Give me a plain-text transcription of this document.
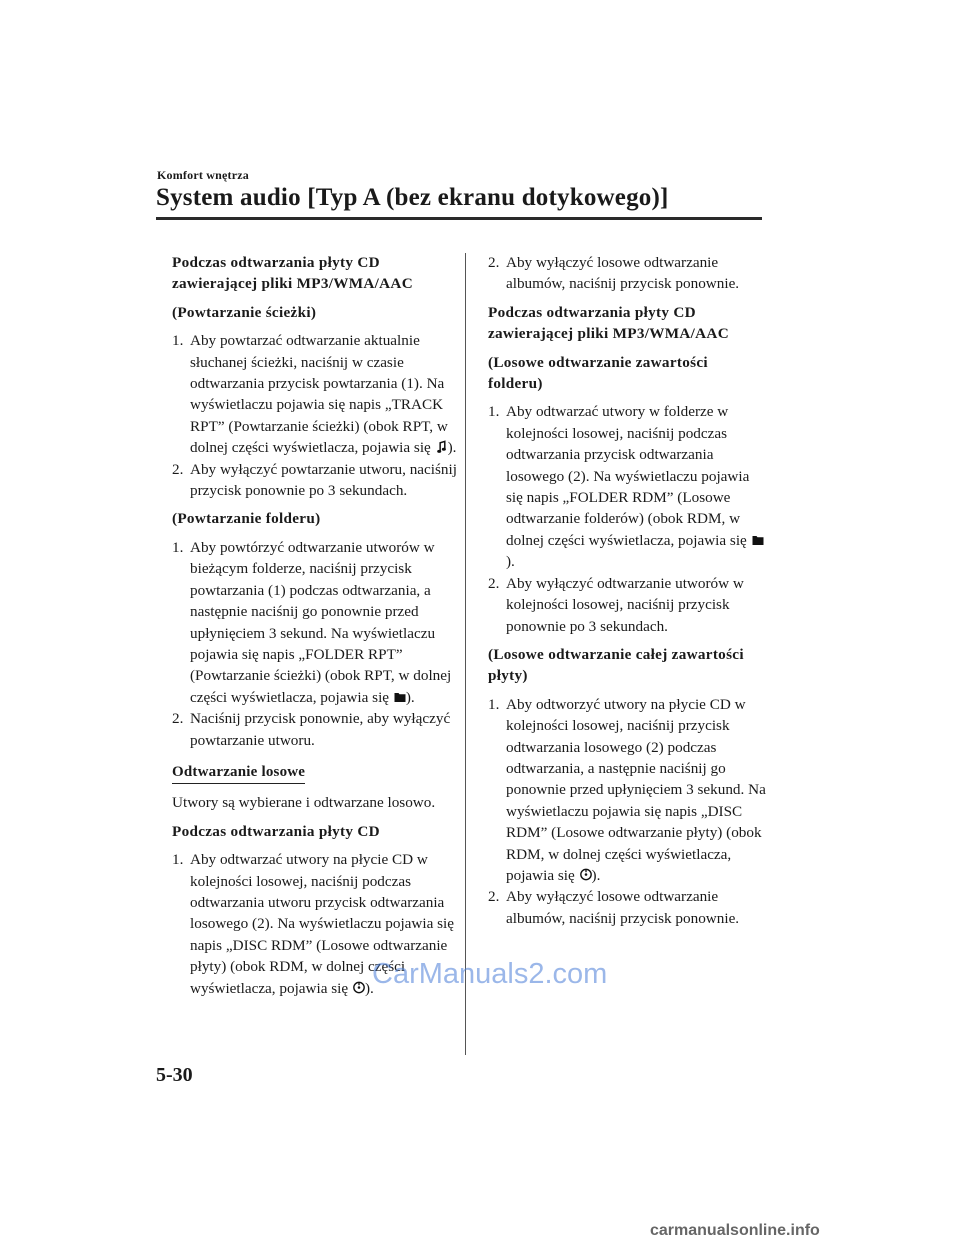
Komfort wnętrza
System audio [Typ A (bez ekranu dotykowego)]

Podczas odtwarzania płyty CD zawierającej pliki MP3/WMA/AAC

(Powtarzanie ścieżki)

1. Aby powtarzać odtwarzanie aktualnie słuchanej ścieżki, naciśnij w czasie odtwarzania przycisk powtarzania (1). Na wyświetlaczu pojawia się napis „TRACK RPT” (Powtarzanie ścieżki) (obok RPT, w dolnej części wyświetlacza, pojawia się ).
2. Aby wyłączyć powtarzanie utworu, naciśnij przycisk ponownie po 3 sekundach.

(Powtarzanie folderu)

1. Aby powtórzyć odtwarzanie utworów w bieżącym folderze, naciśnij przycisk powtarzania (1) podczas odtwarzania, a następnie naciśnij go ponownie przed upłynięciem 3 sekund. Na wyświetlaczu pojawia się napis „FOLDER RPT” (Powtarzanie ścieżki) (obok RPT, w dolnej części wyświetlacza, pojawia się ).
2. Naciśnij przycisk ponownie, aby wyłączyć powtarzanie utworu.
Odtwarzanie losowe

Utwory są wybierane i odtwarzane losowo.

Podczas odtwarzania płyty CD

1. Aby odtwarzać utwory na płycie CD w kolejności losowej, naciśnij podczas odtwarzania utworu przycisk odtwarzania losowego (2). Na wyświetlaczu pojawia się napis „DISC RDM” (Losowe odtwarzanie płyty) (obok RDM, w dolnej części wyświetlacza, pojawia się ).
2. Aby wyłączyć losowe odtwarzanie albumów, naciśnij przycisk ponownie.

Podczas odtwarzania płyty CD zawierającej pliki MP3/WMA/AAC

(Losowe odtwarzanie zawartości folderu)

1. Aby odtwarzać utwory w folderze w kolejności losowej, naciśnij podczas odtwarzania przycisk odtwarzania losowego (2). Na wyświetlaczu pojawia się napis „FOLDER RDM” (Losowe odtwarzanie folderów) (obok RDM, w dolnej części wyświetlacza, pojawia się ).
2. Aby wyłączyć odtwarzanie utworów w kolejności losowej, naciśnij przycisk ponownie po 3 sekundach.

(Losowe odtwarzanie całej zawartości płyty)

1. Aby odtworzyć utwory na płycie CD w kolejności losowej, naciśnij przycisk odtwarzania losowego (2) podczas odtwarzania, a następnie naciśnij go ponownie przed upłynięciem 3 sekund. Na wyświetlaczu pojawia się napis „DISC RDM” (Losowe odtwarzanie płyty) (obok RDM, w dolnej części wyświetlacza, pojawia się ).
2. Aby wyłączyć losowe odtwarzanie albumów, naciśnij przycisk ponownie.
5-30
CarManuals2.com
carmanualsonline.info
